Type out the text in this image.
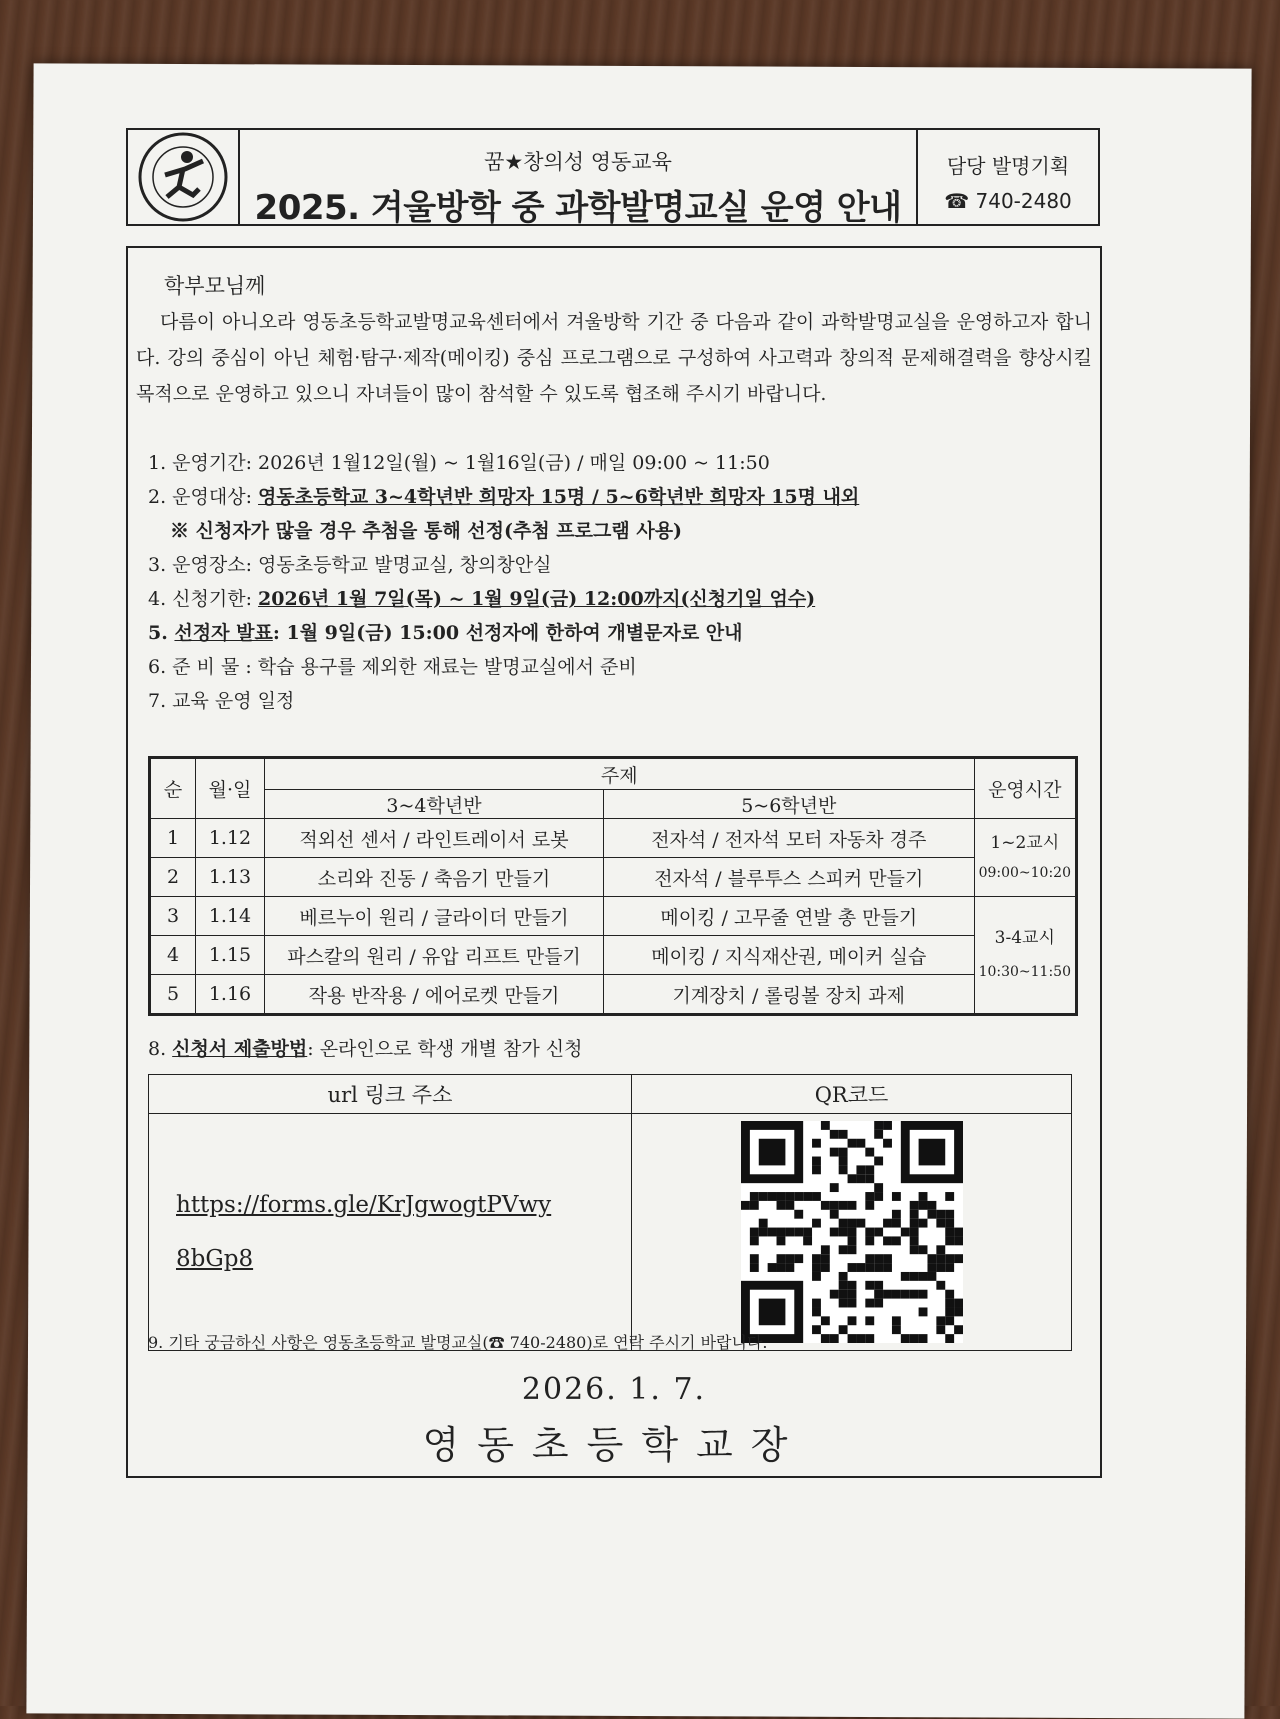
꿈★창의성 영동교육
2025. 겨울방학 중 과학발명교실 운영 안내
담당 발명기획
☎ 740-2480
학부모님께
다름이 아니오라 영동초등학교발명교육센터에서 겨울방학 기간 중 다음과 같이 과학발명교실을 운영하고자 합니다. 강의 중심이 아닌 체험·탐구·제작(메이킹) 중심 프로그램으로 구성하여 사고력과 창의적 문제해결력을 향상시킬 목적으로 운영하고 있으니 자녀들이 많이 참석할 수 있도록 협조해 주시기 바랍니다.
1. 운영기간: 2026년 1월12일(월) ~ 1월16일(금) / 매일 09:00 ~ 11:50
2. 운영대상: 영동초등학교 3~4학년반 희망자 15명 / 5~6학년반 희망자 15명 내외
※ 신청자가 많을 경우 추첨을 통해 선정(추첨 프로그램 사용)
3. 운영장소: 영동초등학교 발명교실, 창의창안실
4. 신청기한: 2026년 1월 7일(목) ~ 1월 9일(금) 12:00까지(신청기일 엄수)
5. 선정자 발표: 1월 9일(금) 15:00 선정자에 한하여 개별문자로 안내
6. 준 비 물 : 학습 용구를 제외한 재료는 발명교실에서 준비
7. 교육 운영 일정
순	월·일	주제		운영시간
		3~4학년반	5~6학년반	
1	1.12	적외선 센서 / 라인트레이서 로봇	전자석 / 전자석 모터 자동차 경주	1~2교시
09:00~10:20

2	1.13	소리와 진동 / 축음기 만들기	전자석 / 블루투스 스피커 만들기	
3	1.14	베르누이 원리 / 글라이더 만들기	메이킹 / 고무줄 연발 총 만들기	3-4교시
10:30~11:50

4	1.15	파스칼의 원리 / 유압 리프트 만들기	메이킹 / 지식재산권, 메이커 실습	
5	1.16	작용 반작용 / 에어로켓 만들기	기계장치 / 롤링볼 장치 과제	
8. 신청서 제출방법: 온라인으로 학생 개별 참가 신청
url 링크 주소	QR코드

https://forms.gle/KrJgwogtPVwy
8bGp8

9. 기타 궁금하신 사항은 영동초등학교 발명교실(☎ 740-2480)로 연락 주시기 바랍니다.
2026. 1. 7.
영동초등학교장
